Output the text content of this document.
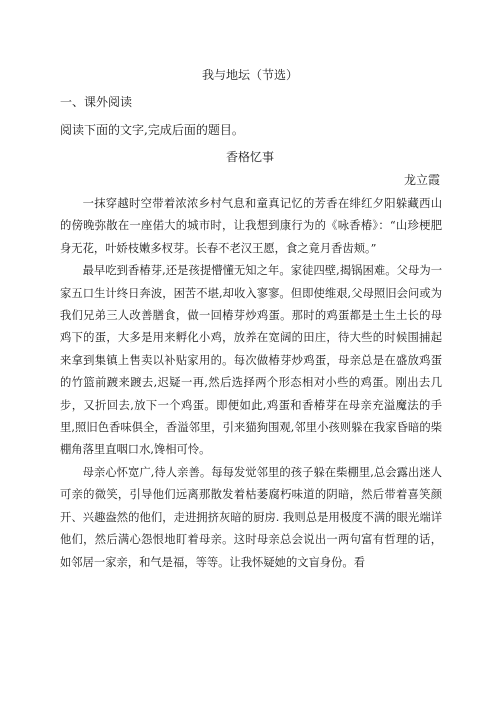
我与地坛（节选）
一、课外阅读
阅读下面的文字,完成后面的题目。
香格忆事
龙立霞

一抹穿越时空带着浓浓乡村气息和童真记忆的芳香在绯红夕阳躲藏西山的傍晚弥散在一座偌大的城市时，让我想到康行为的《咏香椿》：“山珍梗肥身无花，叶娇枝嫩多杈芽。长春不老汉王愿，食之竟月香齿颊。”

最早吃到香椿芽,还是孩提懵懂无知之年。家徒四壁,揭锅困难。父母为一家五口生计终日奔波，困苦不堪,却收入寥寥。但即使维艰,父母照旧会问或为我们兄弟三人改善膳食，做一回椿芽炒鸡蛋。那时的鸡蛋都是土生土长的母鸡下的蛋，大多是用来孵化小鸡，放养在宽阔的田庄，待大些的时候围捕起来拿到集镇上售卖以补贴家用的。每次做椿芽炒鸡蛋，母亲总是在盛放鸡蛋的竹篮前踱来踱去,迟疑一再,然后选择两个形态相对小些的鸡蛋。刚出去几步，又折回去,放下一个鸡蛋。即便如此,鸡蛋和香椿芽在母亲充溢魔法的手里,照旧色香味俱全，香溢邻里，引来猫狗围观,邻里小孩则躲在我家昏暗的柴棚角落里直咽口水,馋相可怜。

母亲心怀宽广,待人亲善。每每发觉邻里的孩子躲在柴棚里,总会露出迷人可亲的微笑，引导他们远离那散发着枯萎腐朽味道的阴暗，然后带着喜笑颜开、兴趣盎然的他们，走进拥挤灰暗的厨房. 我则总是用极度不满的眼光端详他们，然后满心怨恨地盯着母亲。这时母亲总会说出一两句富有哲理的话，如邻居一家亲，和气是福，等等。让我怀疑她的文盲身份。看
